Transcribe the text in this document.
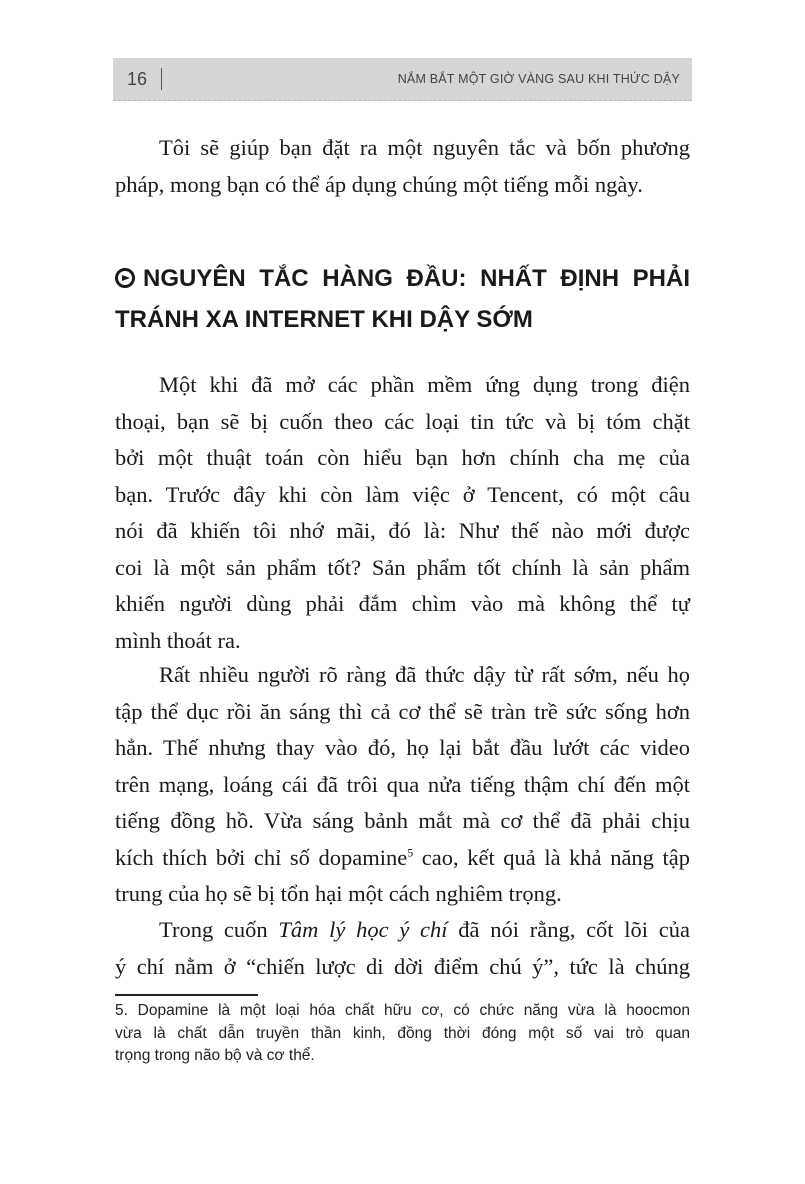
16	NẮM BẮT MỘT GIỜ VÀNG SAU KHI THỨC DẬY
Tôi sẽ giúp bạn đặt ra một nguyên tắc và bốn phương
pháp, mong bạn có thể áp dụng chúng một tiếng mỗi ngày.
NGUYÊN TẮC HÀNG ĐẦU: NHẤT ĐỊNH PHẢI
TRÁNH XA INTERNET KHI DẬY SỚM
Một khi đã mở các phần mềm ứng dụng trong điện
thoại, bạn sẽ bị cuốn theo các loại tin tức và bị tóm chặt
bởi một thuật toán còn hiểu bạn hơn chính cha mẹ của
bạn. Trước đây khi còn làm việc ở Tencent, có một câu
nói đã khiến tôi nhớ mãi, đó là: Như thế nào mới được
coi là một sản phẩm tốt? Sản phẩm tốt chính là sản phẩm
khiến người dùng phải đắm chìm vào mà không thể tự
mình thoát ra.
Rất nhiều người rõ ràng đã thức dậy từ rất sớm, nếu họ
tập thể dục rồi ăn sáng thì cả cơ thể sẽ tràn trề sức sống hơn
hẳn. Thế nhưng thay vào đó, họ lại bắt đầu lướt các video
trên mạng, loáng cái đã trôi qua nửa tiếng thậm chí đến một
tiếng đồng hồ. Vừa sáng bảnh mắt mà cơ thể đã phải chịu
kích thích bởi chỉ số dopamine$^5$ cao, kết quả là khả năng tập
trung của họ sẽ bị tổn hại một cách nghiêm trọng.
Trong cuốn Tâm lý học ý chí đã nói rằng, cốt lõi của
ý chí nằm ở “chiến lược di dời điểm chú ý”, tức là chúng
5. Dopamine là một loại hóa chất hữu cơ, có chức năng vừa là hoocmon
vừa là chất dẫn truyền thần kinh, đồng thời đóng một số vai trò quan
trọng trong não bộ và cơ thể.
